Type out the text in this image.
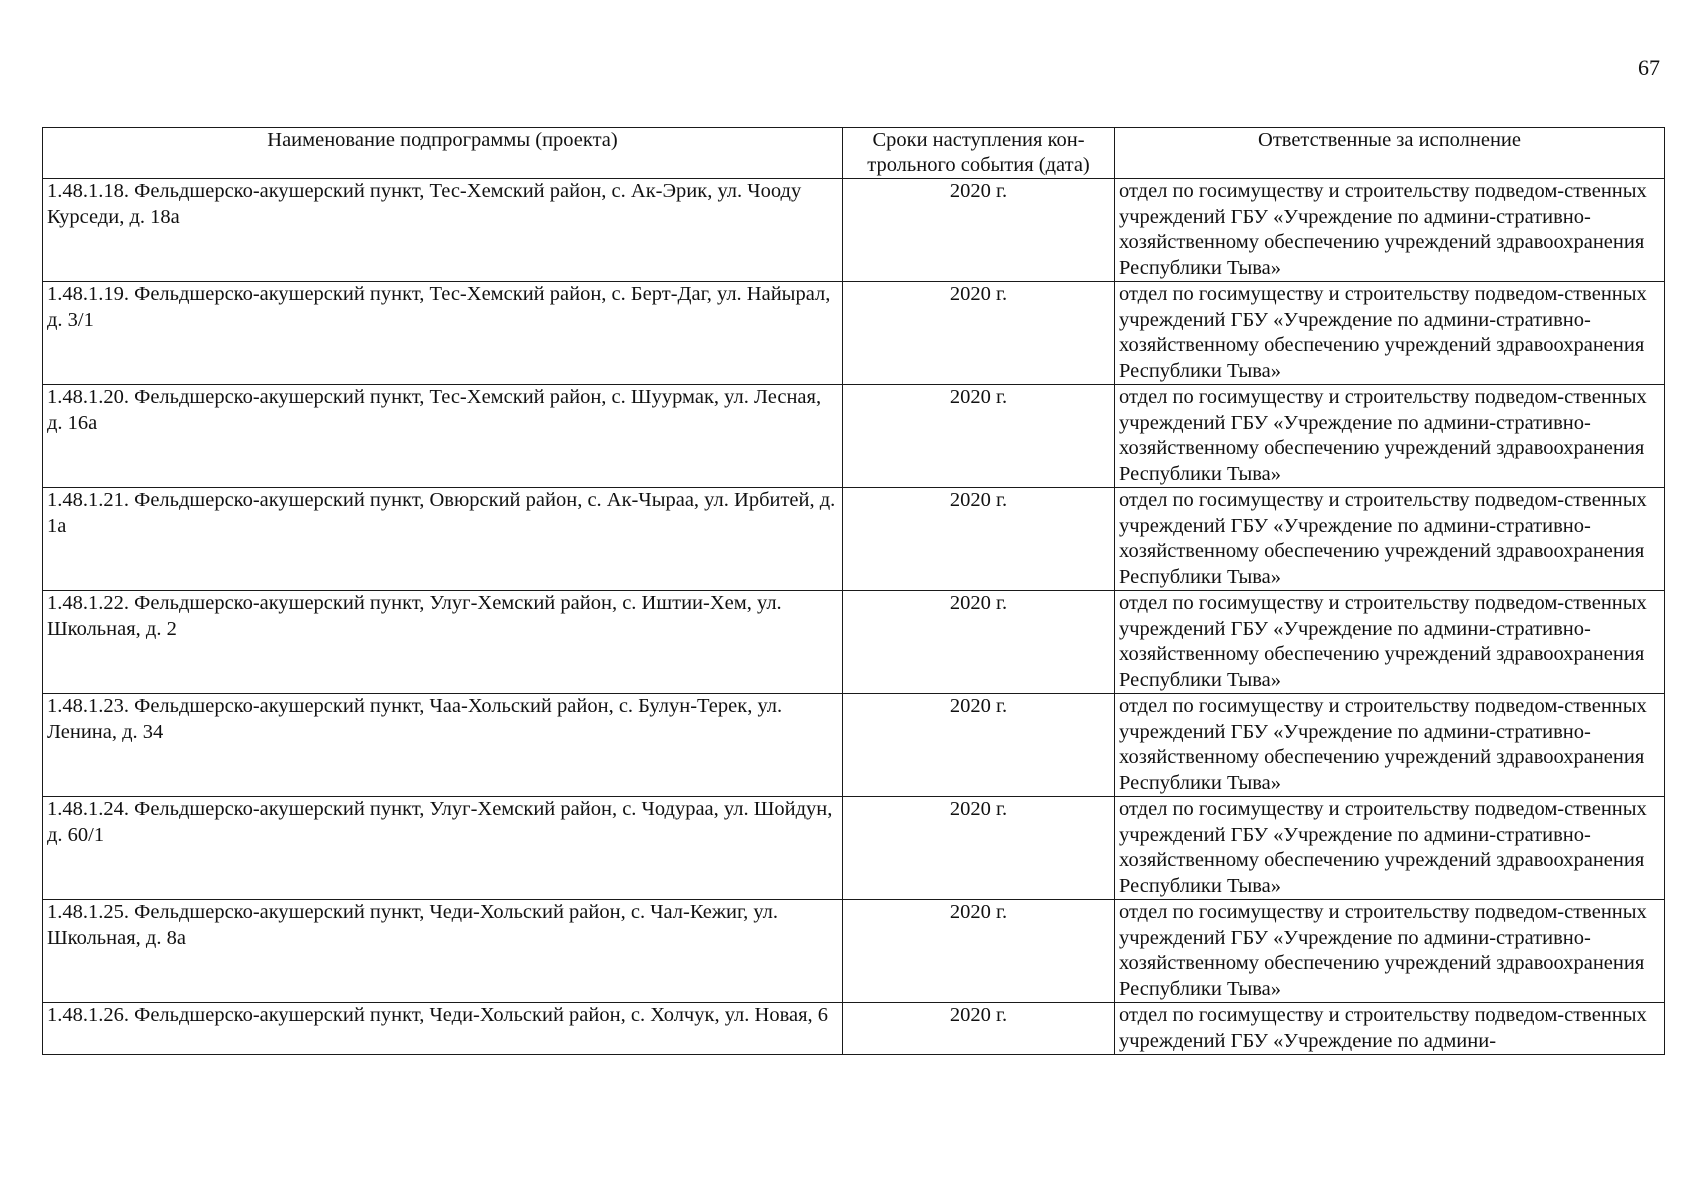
67
Наименование подпрограммы (проекта)	Сроки наступления кон-трольного события (дата)	Ответственные за исполнение
1.48.1.18. Фельдшерско-акушерский пункт, Тес-Хемский район, с. Ак-Эрик, ул. Чооду Курседи, д. 18а	2020 г.	отдел по госимуществу и строительству подведом-ственных учреждений ГБУ «Учреждение по админи-стративно-хозяйственному обеспечению учреждений здравоохранения Республики Тыва»
1.48.1.19. Фельдшерско-акушерский пункт, Тес-Хемский район, с. Берт-Даг, ул. Найырал, д. 3/1	2020 г.	отдел по госимуществу и строительству подведом-ственных учреждений ГБУ «Учреждение по админи-стративно-хозяйственному обеспечению учреждений здравоохранения Республики Тыва»
1.48.1.20. Фельдшерско-акушерский пункт, Тес-Хемский район, с. Шуурмак, ул. Лесная, д. 16а	2020 г.	отдел по госимуществу и строительству подведом-ственных учреждений ГБУ «Учреждение по админи-стративно-хозяйственному обеспечению учреждений здравоохранения Республики Тыва»
1.48.1.21. Фельдшерско-акушерский пункт, Овюрский район, с. Ак-Чыраа, ул. Ирбитей, д. 1а	2020 г.	отдел по госимуществу и строительству подведом-ственных учреждений ГБУ «Учреждение по админи-стративно-хозяйственному обеспечению учреждений здравоохранения Республики Тыва»
1.48.1.22. Фельдшерско-акушерский пункт, Улуг-Хемский район, с. Иштии-Хем, ул. Школьная, д. 2	2020 г.	отдел по госимуществу и строительству подведом-ственных учреждений ГБУ «Учреждение по админи-стративно-хозяйственному обеспечению учреждений здравоохранения Республики Тыва»
1.48.1.23. Фельдшерско-акушерский пункт, Чаа-Хольский район, с. Булун-Терек, ул. Ленина, д. 34	2020 г.	отдел по госимуществу и строительству подведом-ственных учреждений ГБУ «Учреждение по админи-стративно-хозяйственному обеспечению учреждений здравоохранения Республики Тыва»
1.48.1.24. Фельдшерско-акушерский пункт, Улуг-Хемский район, с. Чодураа, ул. Шойдун, д. 60/1	2020 г.	отдел по госимуществу и строительству подведом-ственных учреждений ГБУ «Учреждение по админи-стративно-хозяйственному обеспечению учреждений здравоохранения Республики Тыва»
1.48.1.25. Фельдшерско-акушерский пункт, Чеди-Хольский район, с. Чал-Кежиг, ул. Школьная, д. 8а	2020 г.	отдел по госимуществу и строительству подведом-ственных учреждений ГБУ «Учреждение по админи-стративно-хозяйственному обеспечению учреждений здравоохранения Республики Тыва»
1.48.1.26. Фельдшерско-акушерский пункт, Чеди-Хольский район, с. Холчук, ул. Новая, 6	2020 г.	отдел по госимуществу и строительству подведом-ственных учреждений ГБУ «Учреждение по админи-
